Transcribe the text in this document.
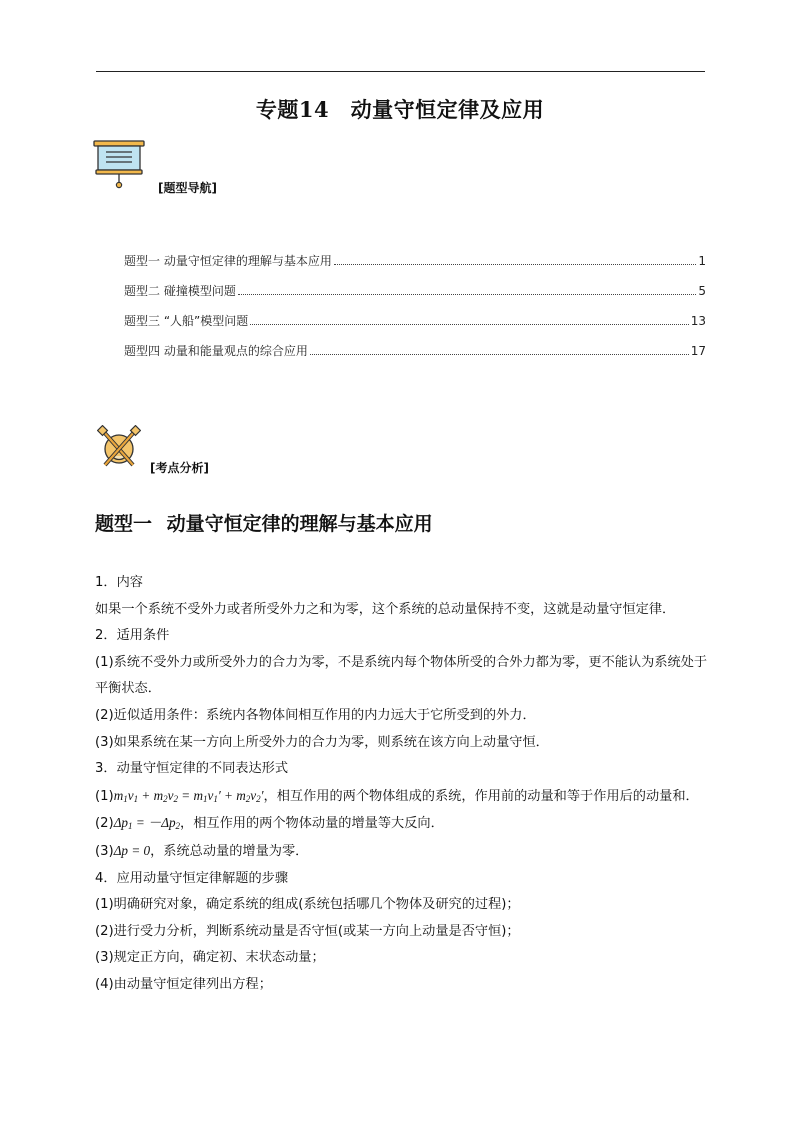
专题14　动量守恒定律及应用
[题型导航]
题型一 动量守恒定律的理解与基本应用	1
题型二 碰撞模型问题	5
题型三 “人船”模型问题	13
题型四 动量和能量观点的综合应用	17
[考点分析]
题型一 动量守恒定律的理解与基本应用

1．内容

如果一个系统不受外力或者所受外力之和为零，这个系统的总动量保持不变，这就是动量守恒定律．

2．适用条件

(1)系统不受外力或所受外力的合力为零，不是系统内每个物体所受的合外力都为零，更不能认为系统处于平衡状态．

(2)近似适用条件：系统内各物体间相互作用的内力远大于它所受到的外力．

(3)如果系统在某一方向上所受外力的合力为零，则系统在该方向上动量守恒．

3．动量守恒定律的不同表达形式

$(1)m_1v_1 + m_2v_2 = m_1v_1' + m_2v_2'$，相互作用的两个物体组成的系统，作用前的动量和等于作用后的动量和．

$(2)\Delta p_1 = -\Delta p_2$，相互作用的两个物体动量的增量等大反向．

(3)Δp = 0，系统总动量的增量为零．

4．应用动量守恒定律解题的步骤

(1)明确研究对象，确定系统的组成(系统包括哪几个物体及研究的过程)；

(2)进行受力分析，判断系统动量是否守恒(或某一方向上动量是否守恒)；

(3)规定正方向，确定初、末状态动量；

(4)由动量守恒定律列出方程；
